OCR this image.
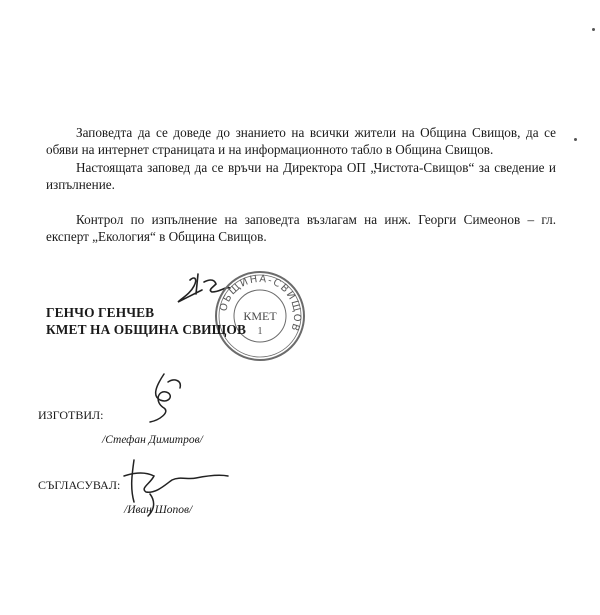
Заповедта да се доведе до знанието на всички жители на Община Свищов, да се обяви на интернет страницата и на информационното табло в Община Свищов.

Настоящата заповед да се връчи на Директора ОП „Чистота-Свищов“ за сведение и изпълнение.

Контрол по изпълнение на заповедта възлагам на инж. Георги Симеонов – гл. експерт „Екология“ в Община Свищов.

ОБЩИНА-СВИЩОВ
КМЕТ
1
ГЕНЧО ГЕНЧЕВ
КМЕТ НА ОБЩИНА СВИЩОВ
ИЗГОТВИЛ:
/Стефан Димитров/
СЪГЛАСУВАЛ:
/Иван Шопов/
